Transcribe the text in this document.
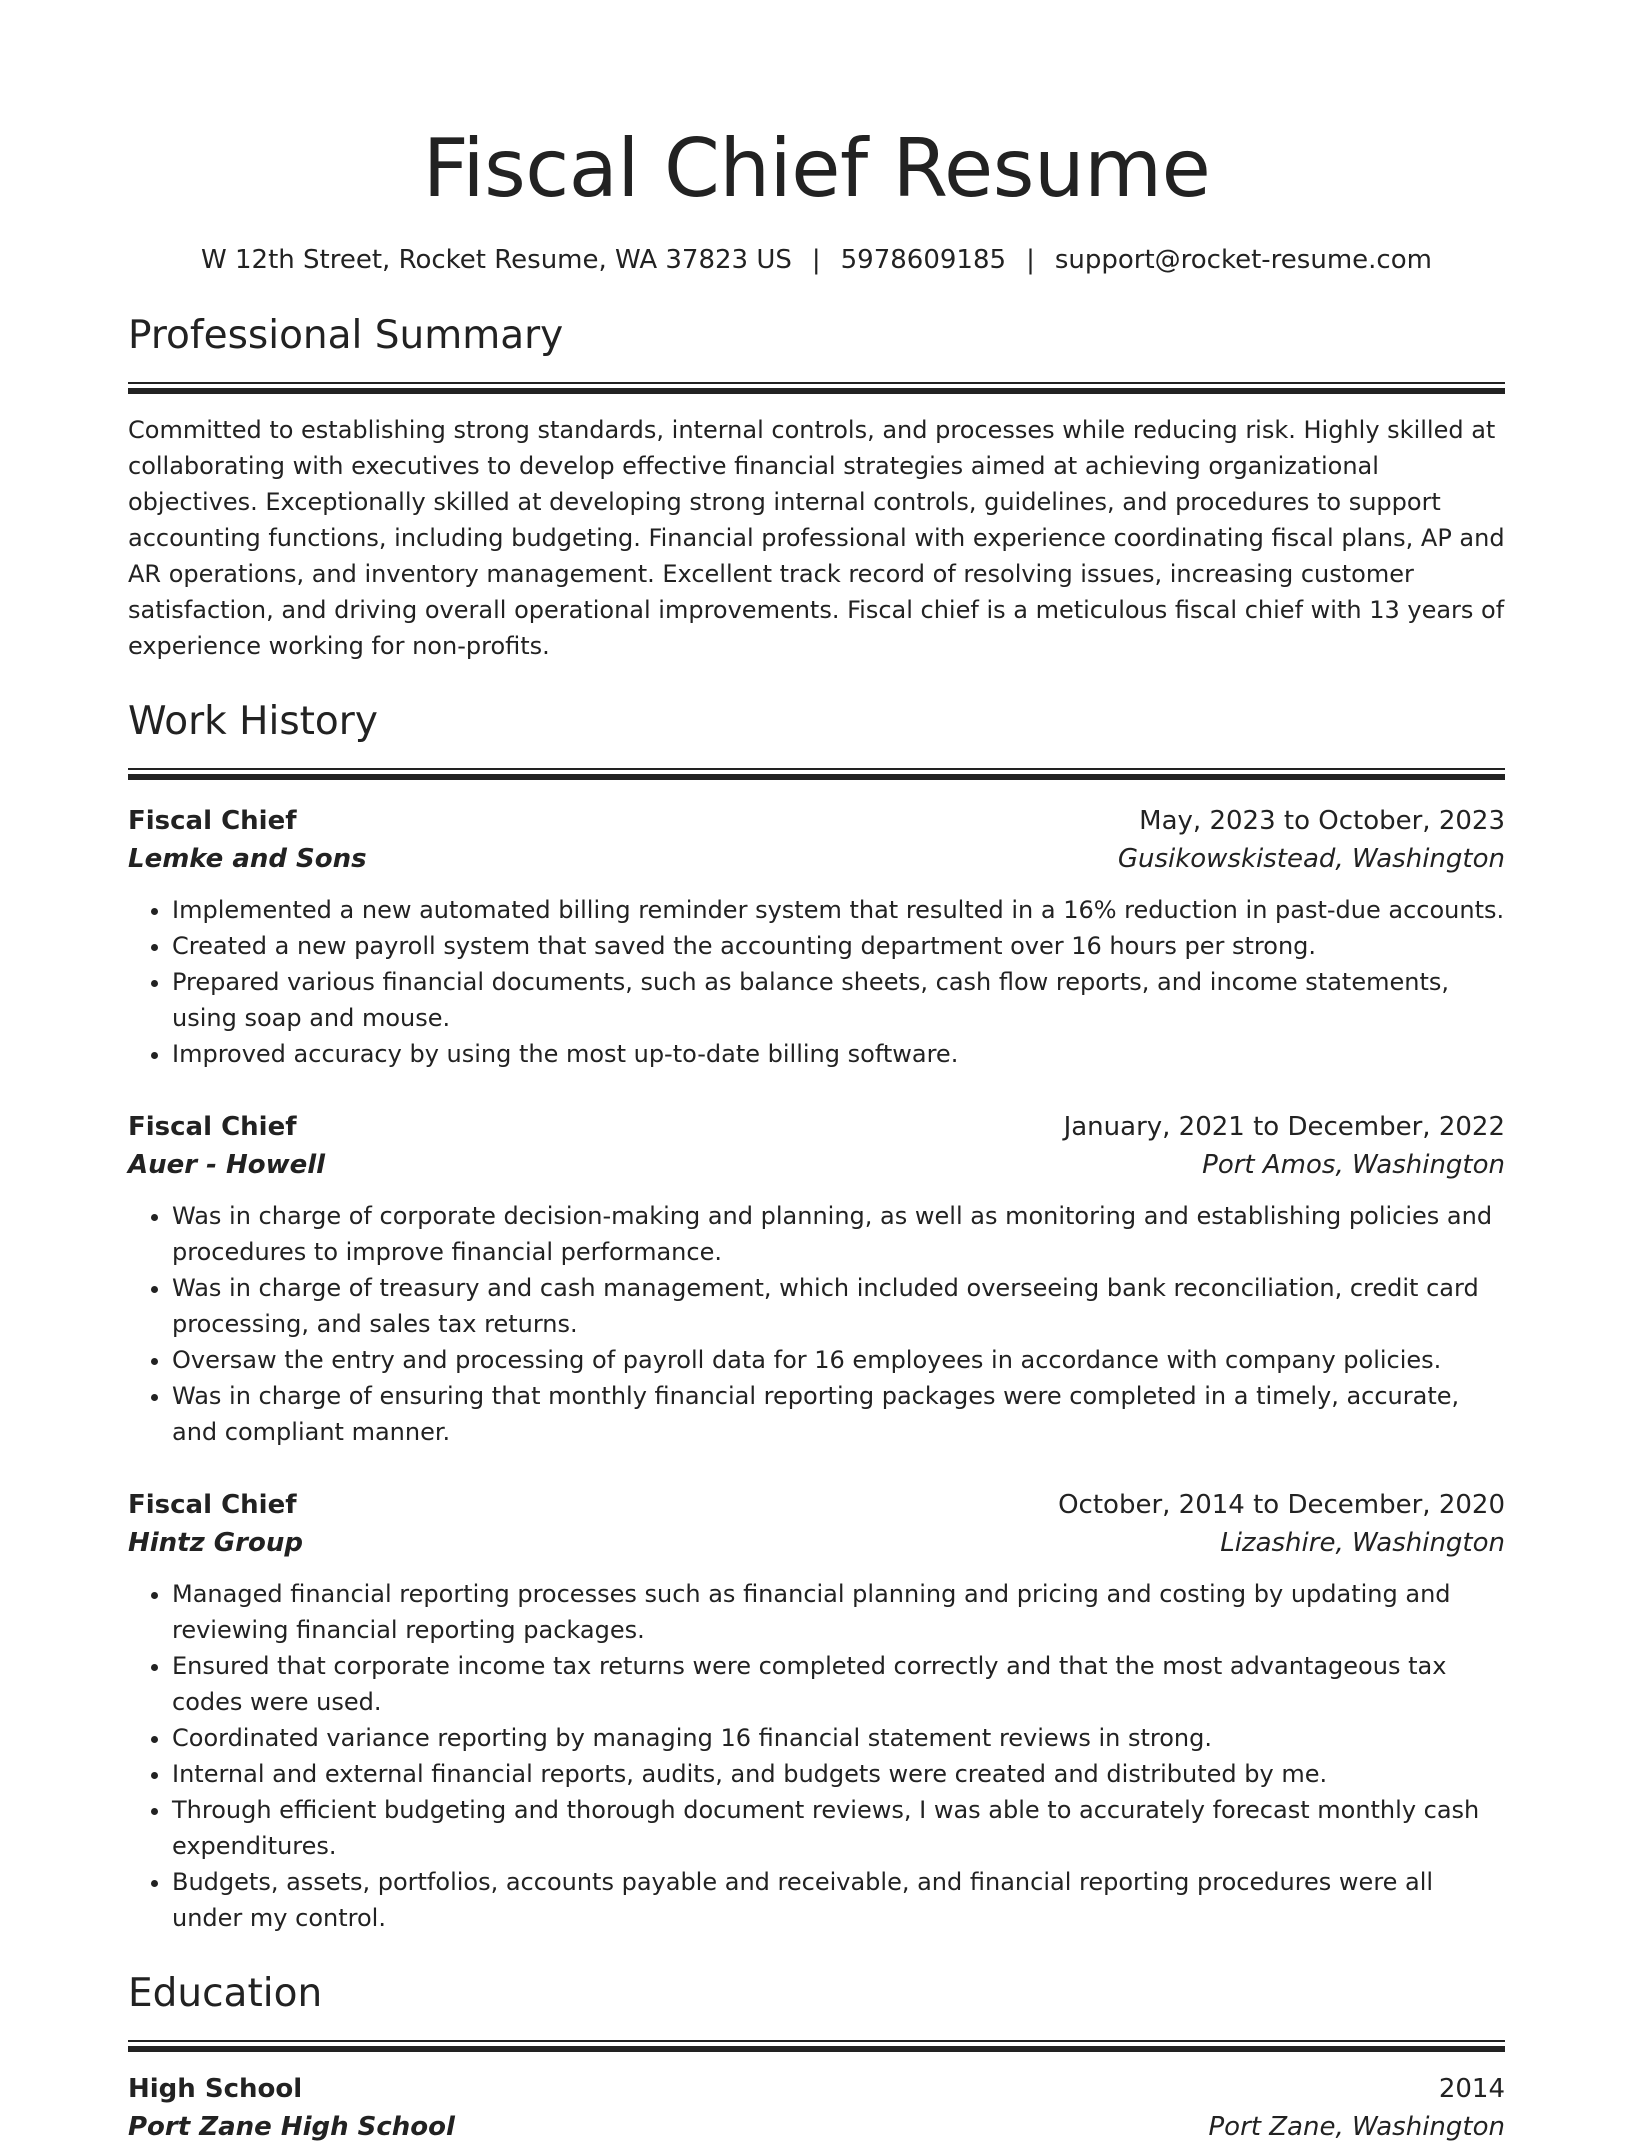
Fiscal Chief Resume
W 12th Street, Rocket Resume, WA 37823 US | 5978609185 | support@rocket-resume.com
Professional Summary

Committed to establishing strong standards, internal controls, and processes while reducing risk. Highly skilled at collaborating with executives to develop effective financial strategies aimed at achieving organizational objectives. Exceptionally skilled at developing strong internal controls, guidelines, and procedures to support accounting functions, including budgeting. Financial professional with experience coordinating fiscal plans, AP and AR operations, and inventory management. Excellent track record of resolving issues, increasing customer satisfaction, and driving overall operational improvements. Fiscal chief is a meticulous fiscal chief with 13 years of experience working for non-profits.

Work History
Fiscal Chief	May, 2023 to October, 2023
Lemke and Sons	Gusikowskistead, Washington
• Implemented a new automated billing reminder system that resulted in a 16% reduction in past-due accounts.
• Created a new payroll system that saved the accounting department over 16 hours per strong.
• Prepared various financial documents, such as balance sheets, cash flow reports, and income statements, using soap and mouse.
• Improved accuracy by using the most up-to-date billing software.
Fiscal Chief	January, 2021 to December, 2022
Auer - Howell	Port Amos, Washington
• Was in charge of corporate decision-making and planning, as well as monitoring and establishing policies and procedures to improve financial performance.
• Was in charge of treasury and cash management, which included overseeing bank reconciliation, credit card processing, and sales tax returns.
• Oversaw the entry and processing of payroll data for 16 employees in accordance with company policies.
• Was in charge of ensuring that monthly financial reporting packages were completed in a timely, accurate, and compliant manner.
Fiscal Chief	October, 2014 to December, 2020
Hintz Group	Lizashire, Washington
• Managed financial reporting processes such as financial planning and pricing and costing by updating and reviewing financial reporting packages.
• Ensured that corporate income tax returns were completed correctly and that the most advantageous tax codes were used.
• Coordinated variance reporting by managing 16 financial statement reviews in strong.
• Internal and external financial reports, audits, and budgets were created and distributed by me.
• Through efficient budgeting and thorough document reviews, I was able to accurately forecast monthly cash expenditures.
• Budgets, assets, portfolios, accounts payable and receivable, and financial reporting procedures were all under my control.
Education
High School	2014
Port Zane High School	Port Zane, Washington
